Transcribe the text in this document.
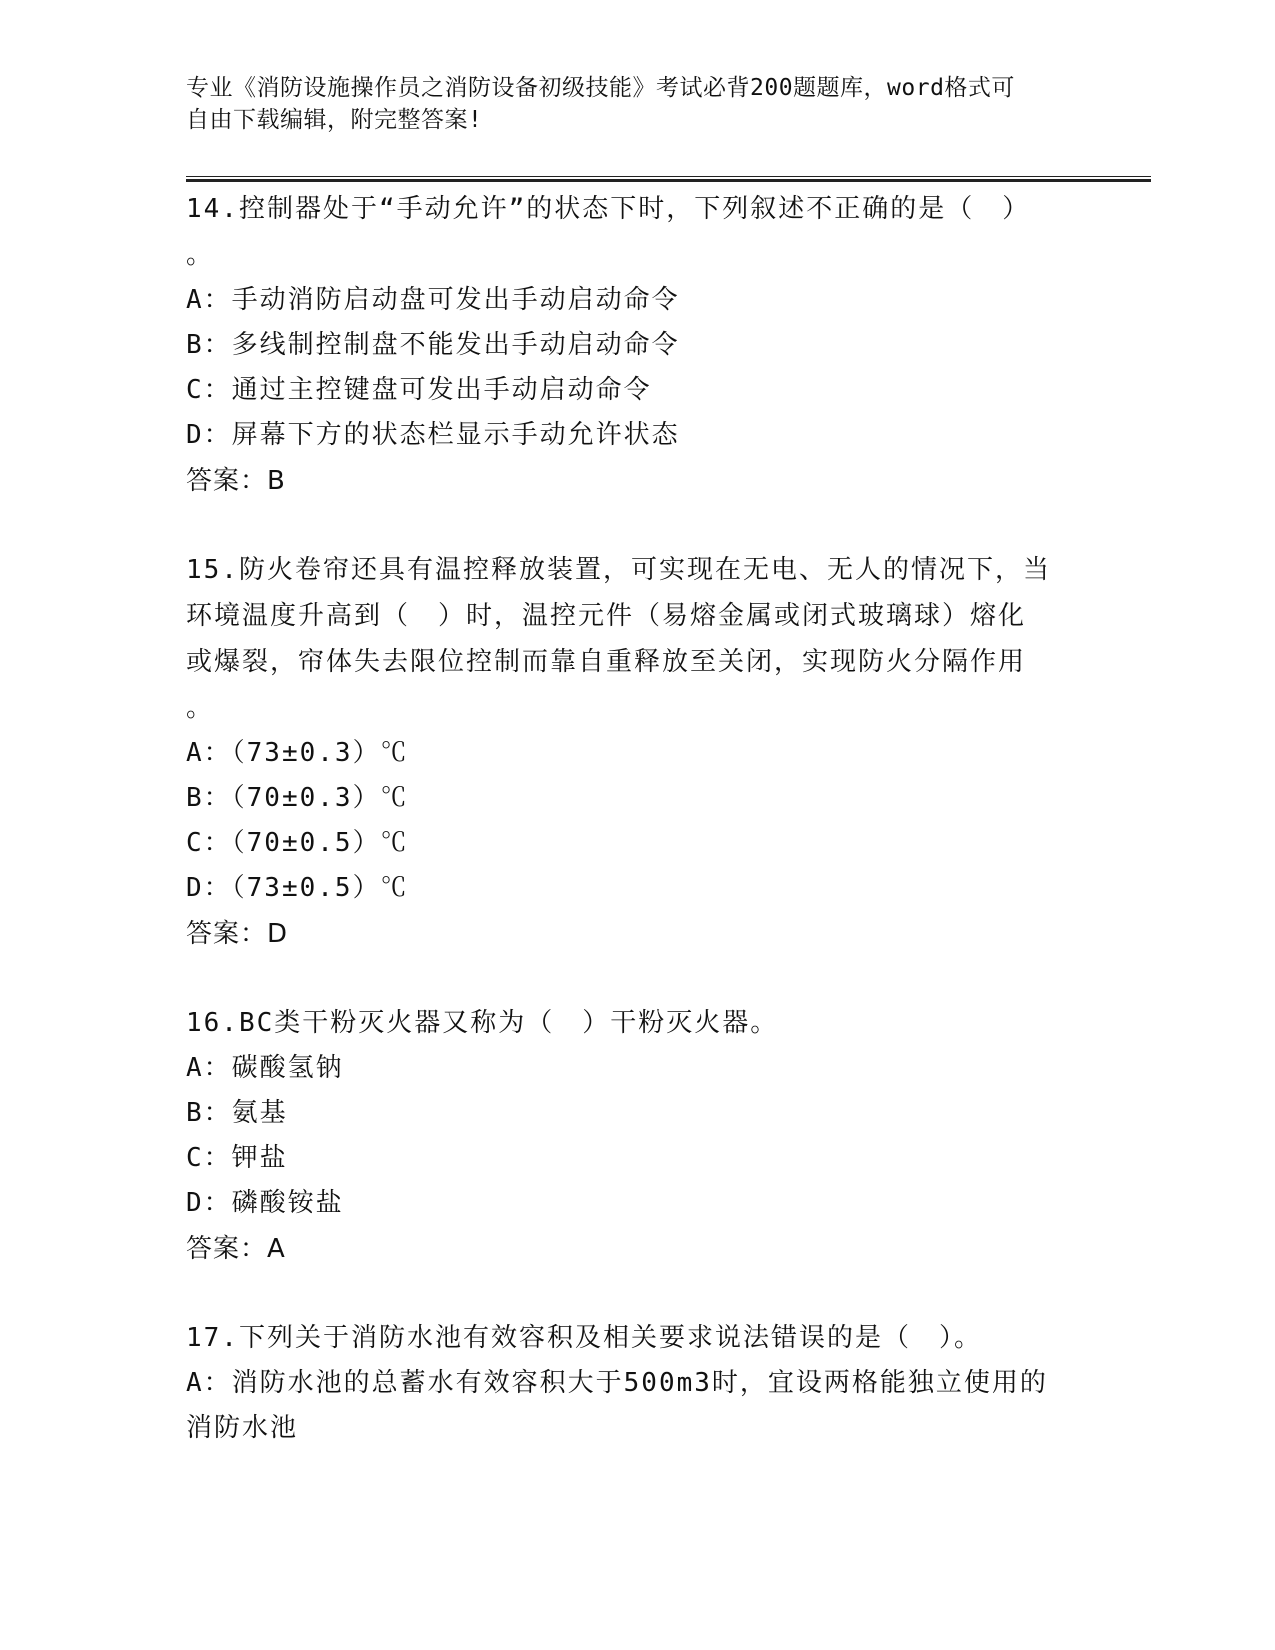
专业《消防设施操作员之消防设备初级技能》考试必背200题题库，word格式可
自由下载编辑，附完整答案!
14.控制器处于“手动允许”的状态下时，下列叙述不正确的是（　）
。
A：手动消防启动盘可发出手动启动命令
B：多线制控制盘不能发出手动启动命令
C：通过主控键盘可发出手动启动命令
D：屏幕下方的状态栏显示手动允许状态
答案：B
15.防火卷帘还具有温控释放装置，可实现在无电、无人的情况下，当
环境温度升高到（　）时，温控元件（易熔金属或闭式玻璃球）熔化
或爆裂，帘体失去限位控制而靠自重释放至关闭，实现防火分隔作用
。
A：（73±0.3）℃
B：（70±0.3）℃
C：（70±0.5）℃
D：（73±0.5）℃
答案：D
16.BC类干粉灭火器又称为（　）干粉灭火器。
A：碳酸氢钠
B：氨基
C：钾盐
D：磷酸铵盐
答案：A
17.下列关于消防水池有效容积及相关要求说法错误的是（　）。
A：消防水池的总蓄水有效容积大于500m3时，宜设两格能独立使用的
消防水池
